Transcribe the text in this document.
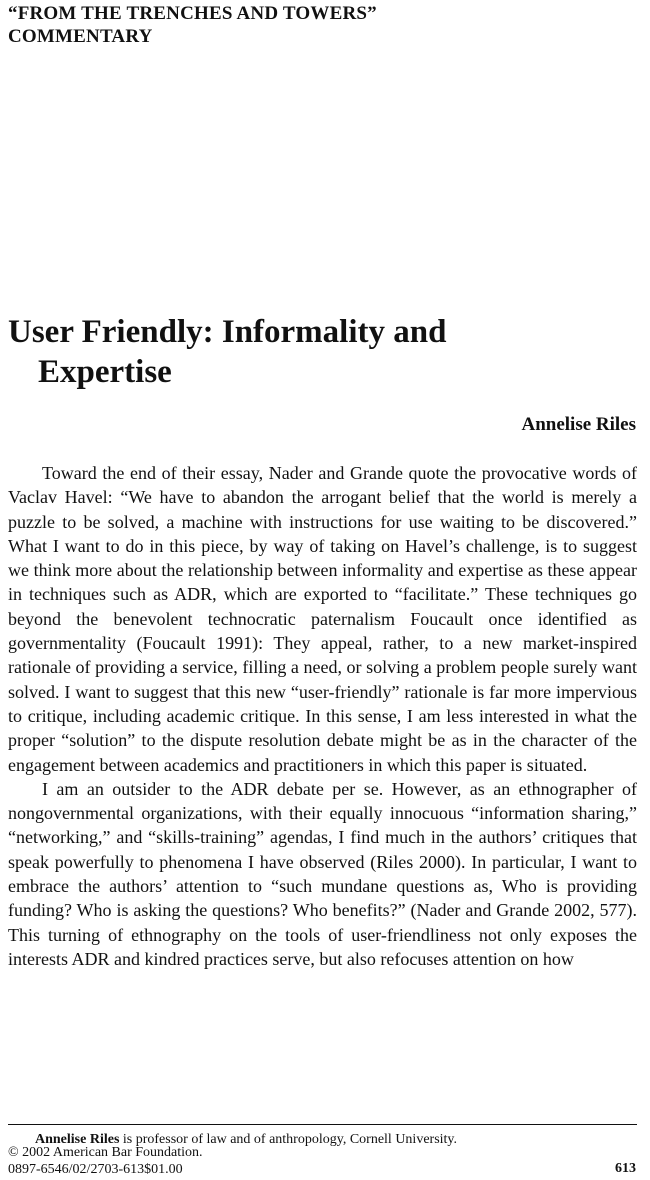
“FROM THE TRENCHES AND TOWERS” COMMENTARY
User Friendly: Informality and
Expertise
Annelise Riles

Toward the end of their essay, Nader and Grande quote the provocative words of Vaclav Havel: “We have to abandon the arrogant belief that the world is merely a puzzle to be solved, a machine with instructions for use waiting to be discovered.” What I want to do in this piece, by way of taking on Havel’s challenge, is to suggest we think more about the relationship between informality and expertise as these appear in techniques such as ADR, which are exported to “facilitate.” These techniques go beyond the benevolent technocratic paternalism Foucault once identified as governmentality (Foucault 1991): They appeal, rather, to a new market-inspired rationale of providing a service, filling a need, or solving a problem people surely want solved. I want to suggest that this new “user-friendly” rationale is far more impervious to critique, including academic critique. In this sense, I am less interested in what the proper “solution” to the dispute resolution debate might be as in the character of the engagement between academics and practitioners in which this paper is situated.

I am an outsider to the ADR debate per se. However, as an ethnographer of nongovernmental organizations, with their equally innocuous “information sharing,” “networking,” and “skills-training” agendas, I find much in the authors’ critiques that speak powerfully to phenomena I have observed (Riles 2000). In particular, I want to embrace the authors’ attention to “such mundane questions as, Who is providing funding? Who is asking the questions? Who benefits?” (Nader and Grande 2002, 577). This turning of ethnography on the tools of user-friendliness not only exposes the interests ADR and kindred practices serve, but also refocuses attention on how

Annelise Riles is professor of law and of anthropology, Cornell University.
© 2002 American Bar Foundation.
0897-6546/02/2703-613$01.00	613
